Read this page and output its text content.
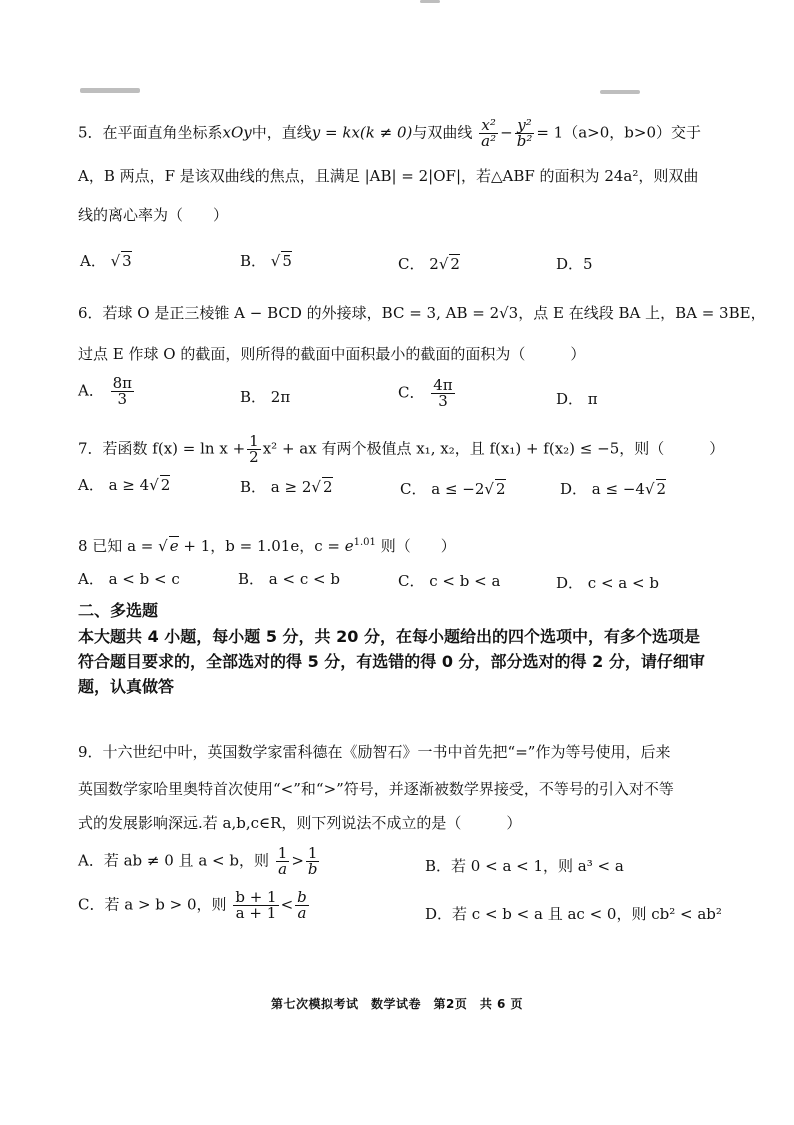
5．在平面直角坐标系xOy中，直线y = kx(k ≠ 0)与双曲线 $\frac{\text{x²}}{\text{a²}} - \frac{\text{y²}}{\text{b²}} = 1(a>0$，b>0）交于
A，B 两点，F 是该双曲线的焦点，且满足 |AB| = 2|OF|，若△ABF 的面积为 24a²，则双曲
线的离心率为（　　）
A． √ 3	B． √ 5	C． 2√ 2	D．5
6．若球 O 是正三棱锥 A − BCD 的外接球，BC = 3, AB = 2√3，点 E 在线段 BA 上，BA = 3BE，
过点 E 作球 O 的截面，则所得的截面中面积最小的截面的面积为（　　　）
A． $\frac{8\pi}{3}$	B． 2π	C． $\frac{4\pi}{3}$	D． π
7．若函数 $f(x) = \ln x + \frac{1}{2} x^2$ + ax 有两个极值点 x₁, x₂，且 f(x₁) + f(x₂) ≤ −5，则（　　　）
A． a ≥ 4√ 2	B． a ≥ 2√ 2	C． a ≤ −2√ 2	D． a ≤ −4√ 2
8 已知 a = √ e + 1，b = 1.01e，$c = e^{1.01}$ 则（　　）
A． a < b < c	B． a < c < b	C． c < b < a	D． c < a < b
二、多选题
本大题共 4 小题，每小题 5 分，共 20 分，在每小题给出的四个选项中，有多个选项是符合题目要求的，全部选对的得 5 分，有选错的得 0 分，部分选对的得 2 分，请仔细审题，认真做答
9．十六世纪中叶，英国数学家雷科德在《励智石》一书中首先把“=”作为等号使用，后来
英国数学家哈里奥特首次使用“<”和“>”符号，并逐渐被数学界接受，不等号的引入对不等
式的发展影响深远.若 a,b,c∈R，则下列说法不成立的是（　　　）
A．若 ab ≠ 0 且 a < b，则 $\frac{1}{a} > \frac{1}{b}$	B．若 0 < a < 1，则 a³ < a
C．若 a > b > 0，则 $\frac{b + 1}{a + 1} < \frac{b}{a}$	D．若 c < b < a 且 ac < 0，则 cb² < ab²
第七次模拟考试　数学试卷　第2页　共 6 页
